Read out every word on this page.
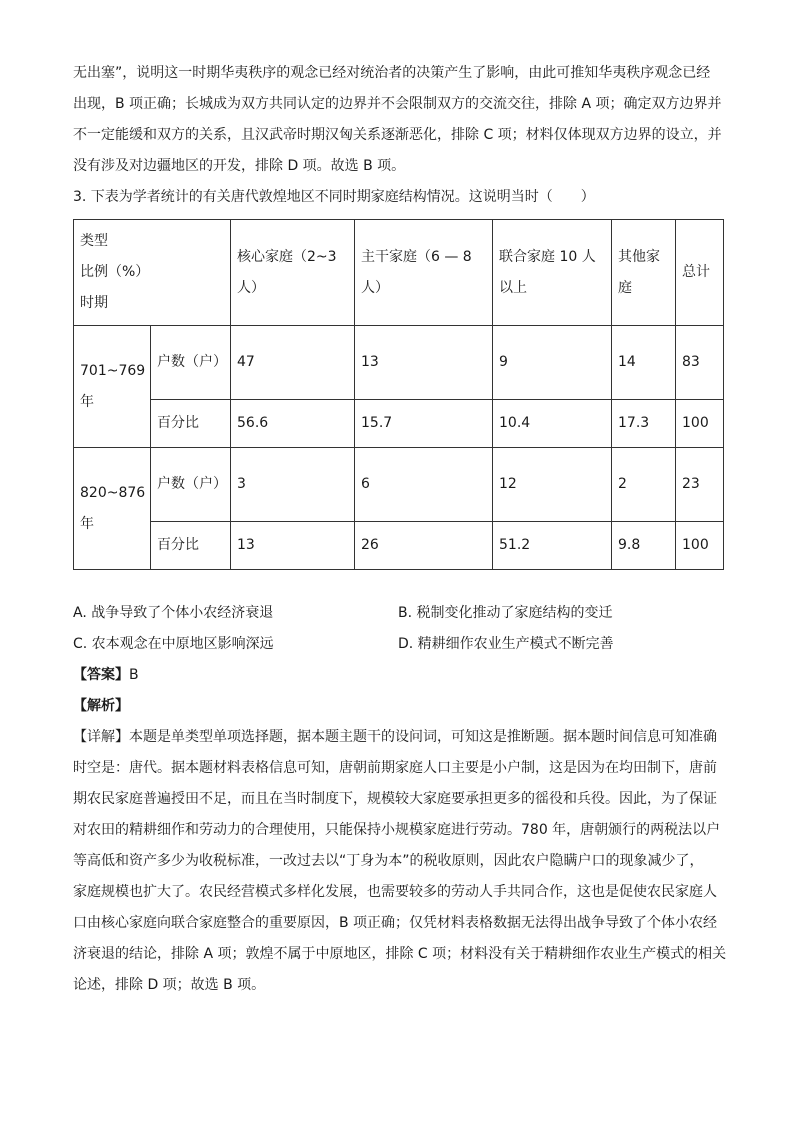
无出塞”，说明这一时期华夷秩序的观念已经对统治者的决策产生了影响，由此可推知华夷秩序观念已经

出现，B 项正确；长城成为双方共同认定的边界并不会限制双方的交流交往，排除 A 项；确定双方边界并

不一定能缓和双方的关系，且汉武帝时期汉匈关系逐渐恶化，排除 C 项；材料仅体现双方边界的设立，并

没有涉及对边疆地区的开发，排除 D 项。故选 B 项。

3. 下表为学者统计的有关唐代敦煌地区不同时期家庭结构情况。这说明当时（　　）

类型
比例（%）
时期		核心家庭（2~3人）	主干家庭（6 — 8人）	联合家庭 10 人以上	其他家庭	总计
701~769年	户数（户）	47	13	9	14	83
	百分比	56.6	15.7	10.4	17.3	100
820~876年	户数（户）	3	6	12	2	23
	百分比	13	26	51.2	9.8	100
A. 战争导致了个体小农经济衰退	B. 税制变化推动了家庭结构的变迁
C. 农本观念在中原地区影响深远	D. 精耕细作农业生产模式不断完善

【答案】B

【解析】

【详解】本题是单类型单项选择题，据本题主题干的设问词，可知这是推断题。据本题时间信息可知准确

时空是：唐代。据本题材料表格信息可知，唐朝前期家庭人口主要是小户制，这是因为在均田制下，唐前

期农民家庭普遍授田不足，而且在当时制度下，规模较大家庭要承担更多的徭役和兵役。因此，为了保证

对农田的精耕细作和劳动力的合理使用，只能保持小规模家庭进行劳动。780 年，唐朝颁行的两税法以户

等高低和资产多少为收税标准，一改过去以“丁身为本”的税收原则，因此农户隐瞒户口的现象减少了，

家庭规模也扩大了。农民经营模式多样化发展，也需要较多的劳动人手共同合作，这也是促使农民家庭人

口由核心家庭向联合家庭整合的重要原因，B 项正确；仅凭材料表格数据无法得出战争导致了个体小农经

济衰退的结论，排除 A 项；敦煌不属于中原地区，排除 C 项；材料没有关于精耕细作农业生产模式的相关

论述，排除 D 项；故选 B 项。
